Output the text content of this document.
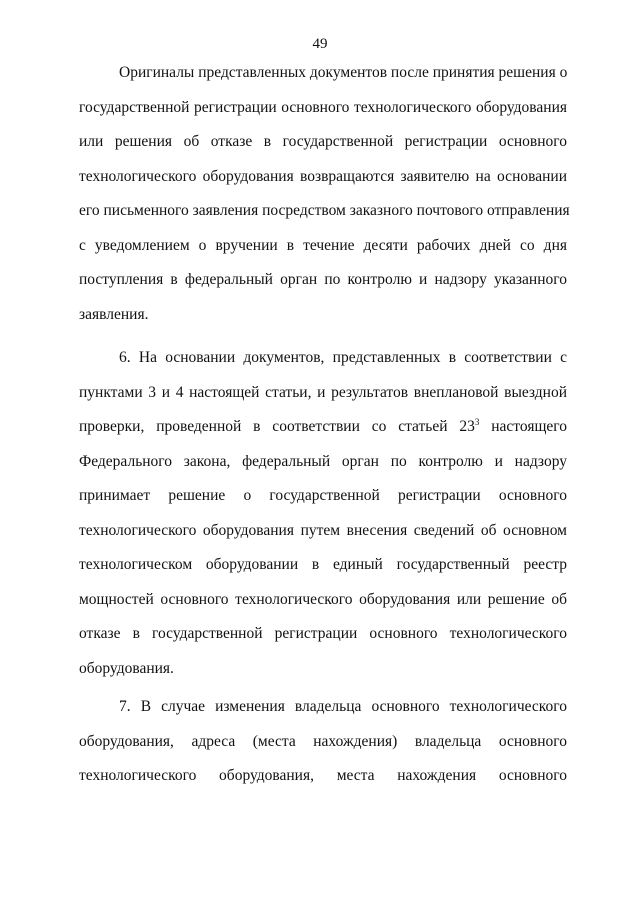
49
Оригиналы представленных документов после принятия решения о
государственной регистрации основного технологического оборудования
или решения об отказе в государственной регистрации основного
технологического оборудования возвращаются заявителю на основании
его письменного заявления посредством заказного почтового отправления
с уведомлением о вручении в течение десяти рабочих дней со дня
поступления в федеральный орган по контролю и надзору указанного
заявления.
6. На основании документов, представленных в соответствии с
пунктами 3 и 4 настоящей статьи, и результатов внеплановой выездной
проверки, проведенной в соответствии со статьей $23^3$ настоящего
Федерального закона, федеральный орган по контролю и надзору
принимает решение о государственной регистрации основного
технологического оборудования путем внесения сведений об основном
технологическом оборудовании в единый государственный реестр
мощностей основного технологического оборудования или решение об
отказе в государственной регистрации основного технологического
оборудования.
7. В случае изменения владельца основного технологического
оборудования, адреса (места нахождения) владельца основного
технологического оборудования, места нахождения основного
